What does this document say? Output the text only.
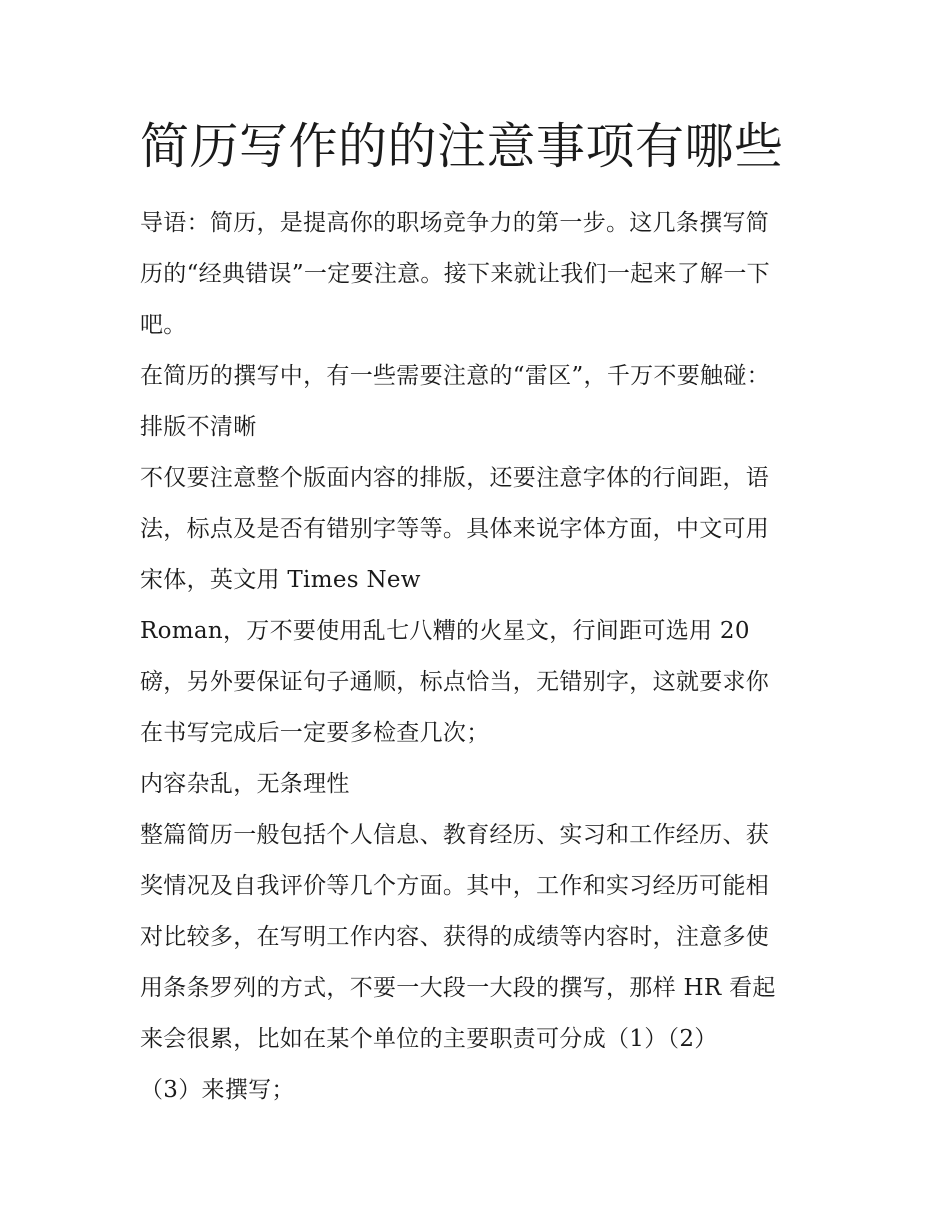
简历写作的的注意事项有哪些
导语：简历，是提高你的职场竞争力的第一步。这几条撰写简
历的“经典错误”一定要注意。接下来就让我们一起来了解一下
吧。
在简历的撰写中，有一些需要注意的“雷区”，千万不要触碰：
排版不清晰
不仅要注意整个版面内容的排版，还要注意字体的行间距，语
法，标点及是否有错别字等等。具体来说字体方面，中文可用
宋体，英文用 Times New
Roman，万不要使用乱七八糟的火星文，行间距可选用 20
磅，另外要保证句子通顺，标点恰当，无错别字，这就要求你
在书写完成后一定要多检查几次；
内容杂乱，无条理性
整篇简历一般包括个人信息、教育经历、实习和工作经历、获
奖情况及自我评价等几个方面。其中，工作和实习经历可能相
对比较多，在写明工作内容、获得的成绩等内容时，注意多使
用条条罗列的方式，不要一大段一大段的撰写，那样 HR 看起
来会很累，比如在某个单位的主要职责可分成（1）（2）
（3）来撰写；
